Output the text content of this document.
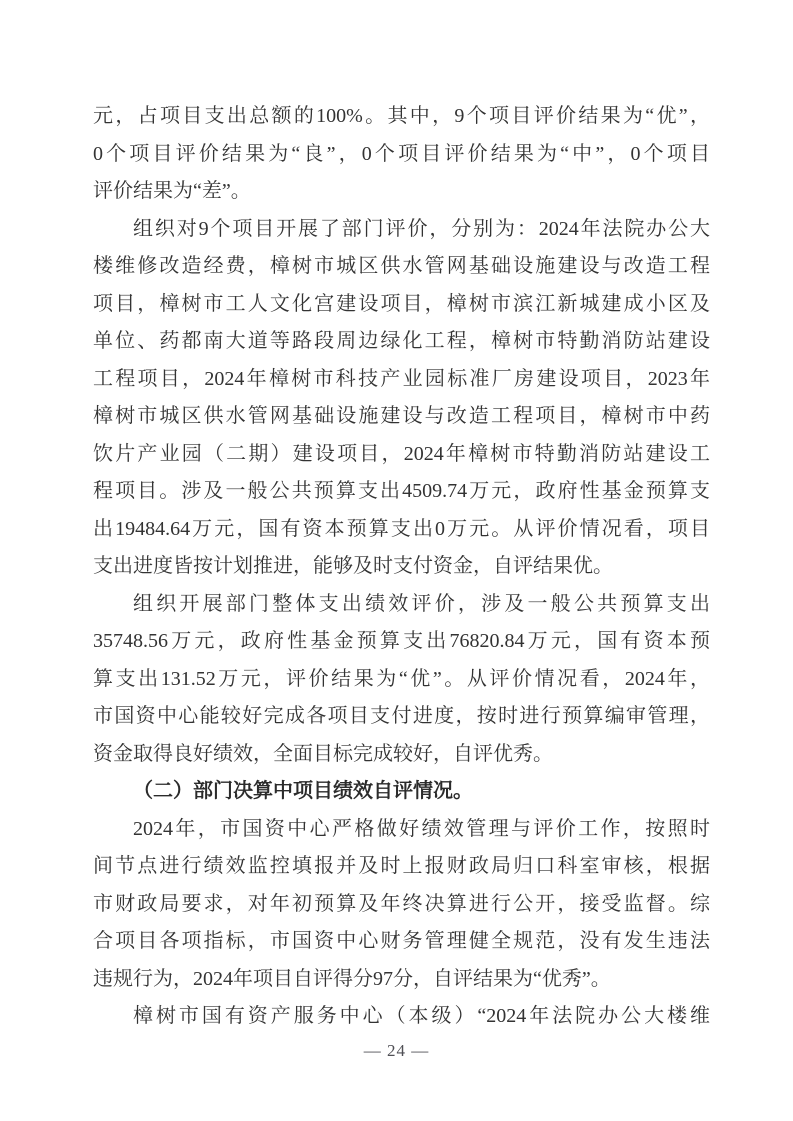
元，占项目支出总额的100%。其中，9个项目评价结果为“优”，
0个项目评价结果为“良”，0个项目评价结果为“中”，0个项目
评价结果为“差”。
组织对9个项目开展了部门评价，分别为：2024年法院办公大
楼维修改造经费，樟树市城区供水管网基础设施建设与改造工程
项目，樟树市工人文化宫建设项目，樟树市滨江新城建成小区及
单位、药都南大道等路段周边绿化工程，樟树市特勤消防站建设
工程项目，2024年樟树市科技产业园标准厂房建设项目，2023年
樟树市城区供水管网基础设施建设与改造工程项目，樟树市中药
饮片产业园（二期）建设项目，2024年樟树市特勤消防站建设工
程项目。涉及一般公共预算支出4509.74万元，政府性基金预算支
出19484.64万元，国有资本预算支出0万元。从评价情况看，项目
支出进度皆按计划推进，能够及时支付资金，自评结果优。
组织开展部门整体支出绩效评价，涉及一般公共预算支出
35748.56万元，政府性基金预算支出76820.84万元，国有资本预
算支出131.52万元，评价结果为“优”。从评价情况看，2024年，
市国资中心能较好完成各项目支付进度，按时进行预算编审管理，
资金取得良好绩效，全面目标完成较好，自评优秀。
（二）部门决算中项目绩效自评情况。
2024年，市国资中心严格做好绩效管理与评价工作，按照时
间节点进行绩效监控填报并及时上报财政局归口科室审核，根据
市财政局要求，对年初预算及年终决算进行公开，接受监督。综
合项目各项指标，市国资中心财务管理健全规范，没有发生违法
违规行为，2024年项目自评得分97分，自评结果为“优秀”。
樟树市国有资产服务中心（本级）“2024年法院办公大楼维
— 24 —
